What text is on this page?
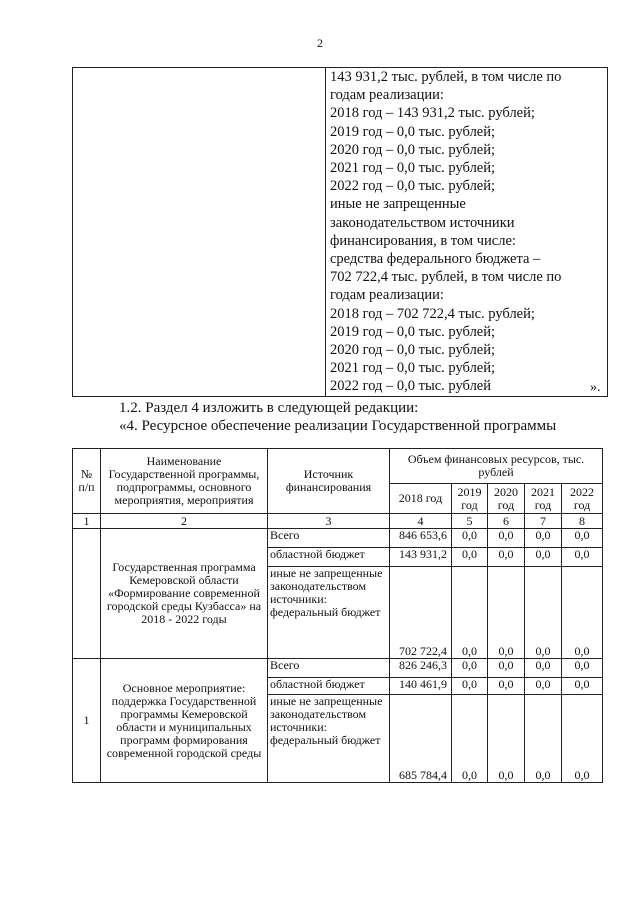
2

143 931,2 тыс. рублей, в том числе по
годам реализации:
2018 год – 143 931,2 тыс. рублей;
2019 год – 0,0 тыс. рублей;
2020 год – 0,0 тыс. рублей;
2021 год – 0,0 тыс. рублей;
2022 год – 0,0 тыс. рублей;
иные не запрещенные
законодательством источники
финансирования, в том числе:
средства федерального бюджета –
702 722,4 тыс. рублей, в том числе по
годам реализации:
2018 год – 702 722,4 тыс. рублей;
2019 год – 0,0 тыс. рублей;
2020 год – 0,0 тыс. рублей;
2021 год – 0,0 тыс. рублей;
2022 год – 0,0 тыс. рублей	».
1.2. Раздел 4 изложить в следующей редакции:
«4. Ресурсное обеспечение реализации Государственной программы
№ п/п	Наименование Государственной программы, подпрограммы, основного мероприятия, мероприятия	Источник финансирования	Объем финансовых ресурсов, тыс. рублей				
			2018 год	2019 год	2020 год	2021 год	2022 год
1	2	3	4	5	6	7	8
	Государственная программа Кемеровской области «Формирование современной городской среды Кузбасса» на 2018 - 2022 годы	Всего	846 653,6	0,0	0,0	0,0	0,0
		областной бюджет	143 931,2	0,0	0,0	0,0	0,0
		иные не запрещенные законодательством источники: федеральный бюджет	702 722,4	0,0	0,0	0,0	0,0
1	Основное мероприятие: поддержка Государственной программы Кемеровской области и муниципальных программ формирования современной городской среды	Всего	826 246,3	0,0	0,0	0,0	0,0
		областной бюджет	140 461,9	0,0	0,0	0,0	0,0
		иные не запрещенные законодательством источники: федеральный бюджет	685 784,4	0,0	0,0	0,0	0,0
